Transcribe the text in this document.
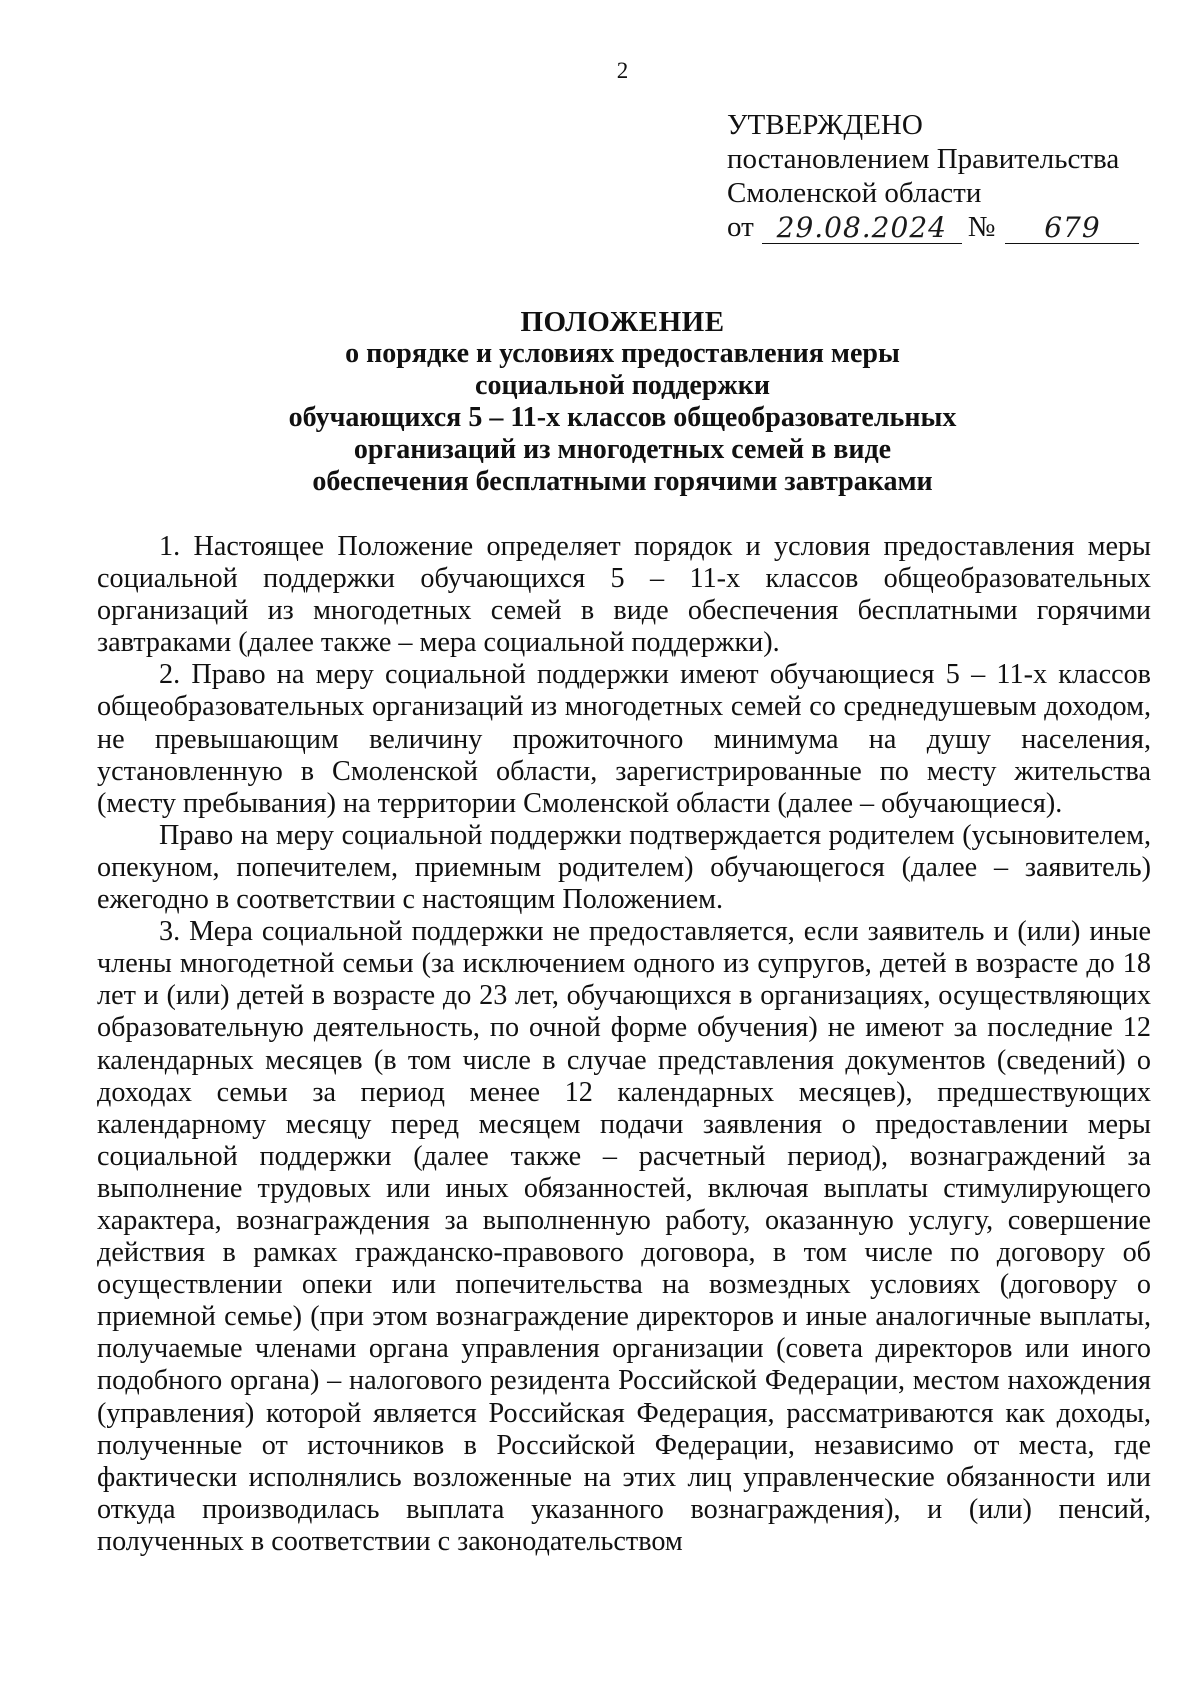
2
УТВЕРЖДЕНО
постановлением Правительства
Смоленской области
от 29.08.2024 №	679
ПОЛОЖЕНИЕ
о порядке и условиях предоставления меры
социальной поддержки
обучающихся 5 – 11-х классов общеобразовательных
организаций из многодетных семей в виде
обеспечения бесплатными горячими завтраками

1. Настоящее Положение определяет порядок и условия предоставления меры социальной поддержки обучающихся 5 – 11-х классов общеобразовательных организаций из многодетных семей в виде обеспечения бесплатными горячими завтраками (далее также – мера социальной поддержки).

2. Право на меру социальной поддержки имеют обучающиеся 5 – 11-х классов общеобразовательных организаций из многодетных семей со среднедушевым доходом, не превышающим величину прожиточного минимума на душу населения, установленную в Смоленской области, зарегистрированные по месту жительства (месту пребывания) на территории Смоленской области (далее – обучающиеся).

Право на меру социальной поддержки подтверждается родителем (усыновителем, опекуном, попечителем, приемным родителем) обучающегося (далее – заявитель) ежегодно в соответствии с настоящим Положением.

3. Мера социальной поддержки не предоставляется, если заявитель и (или) иные члены многодетной семьи (за исключением одного из супругов, детей в возрасте до 18 лет и (или) детей в возрасте до 23 лет, обучающихся в организациях, осуществляющих образовательную деятельность, по очной форме обучения) не имеют за последние 12 календарных месяцев (в том числе в случае представления документов (сведений) о доходах семьи за период менее 12 календарных месяцев), предшествующих календарному месяцу перед месяцем подачи заявления о предоставлении меры социальной поддержки (далее также – расчетный период), вознаграждений за выполнение трудовых или иных обязанностей, включая выплаты стимулирующего характера, вознаграждения за выполненную работу, оказанную услугу, совершение действия в рамках гражданско-правового договора, в том числе по договору об осуществлении опеки или попечительства на возмездных условиях (договору о приемной семье) (при этом вознаграждение директоров и иные аналогичные выплаты, получаемые членами органа управления организации (совета директоров или иного подобного органа) – налогового резидента Российской Федерации, местом нахождения (управления) которой является Российская Федерация, рассматриваются как доходы, полученные от источников в Российской Федерации, независимо от места, где фактически исполнялись возложенные на этих лиц управленческие обязанности или откуда производилась выплата указанного вознаграждения), и (или) пенсий, полученных в соответствии с законодательством
